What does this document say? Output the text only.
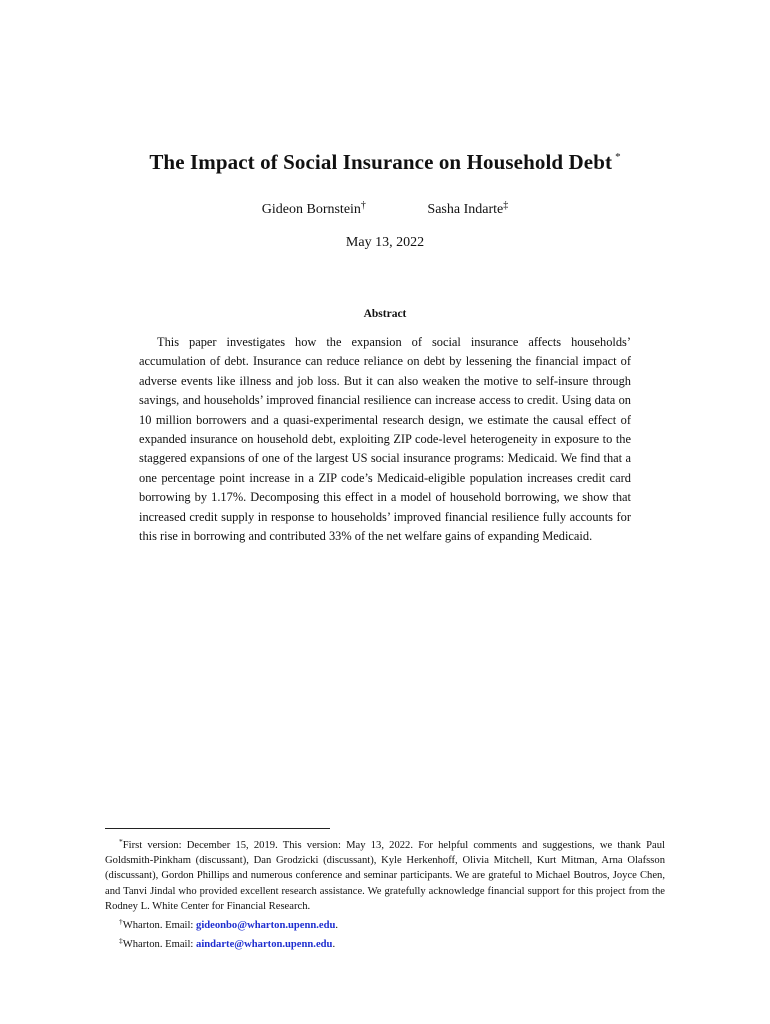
The Impact of Social Insurance on Household Debt *
Gideon Bornstein†	Sasha Indarte‡
May 13, 2022
Abstract
This paper investigates how the expansion of social insurance affects households’ accumulation of debt. Insurance can reduce reliance on debt by lessening the financial impact of adverse events like illness and job loss. But it can also weaken the motive to self-insure through savings, and households’ improved financial resilience can increase access to credit. Using data on 10 million borrowers and a quasi-experimental research design, we estimate the causal effect of expanded insurance on household debt, exploiting ZIP code-level heterogeneity in exposure to the staggered expansions of one of the largest US social insurance programs: Medicaid. We find that a one percentage point increase in a ZIP code’s Medicaid-eligible population increases credit card borrowing by 1.17%. Decomposing this effect in a model of household borrowing, we show that increased credit supply in response to households’ improved financial resilience fully accounts for this rise in borrowing and contributed 33% of the net welfare gains of expanding Medicaid.

*First version: December 15, 2019. This version: May 13, 2022. For helpful comments and suggestions, we thank Paul Goldsmith-Pinkham (discussant), Dan Grodzicki (discussant), Kyle Herkenhoff, Olivia Mitchell, Kurt Mitman, Arna Olafsson (discussant), Gordon Phillips and numerous conference and seminar participants. We are grateful to Michael Boutros, Joyce Chen, and Tanvi Jindal who provided excellent research assistance. We gratefully acknowledge financial support for this project from the Rodney L. White Center for Financial Research.

†Wharton. Email: gideonbo@wharton.upenn.edu.

‡Wharton. Email: aindarte@wharton.upenn.edu.
